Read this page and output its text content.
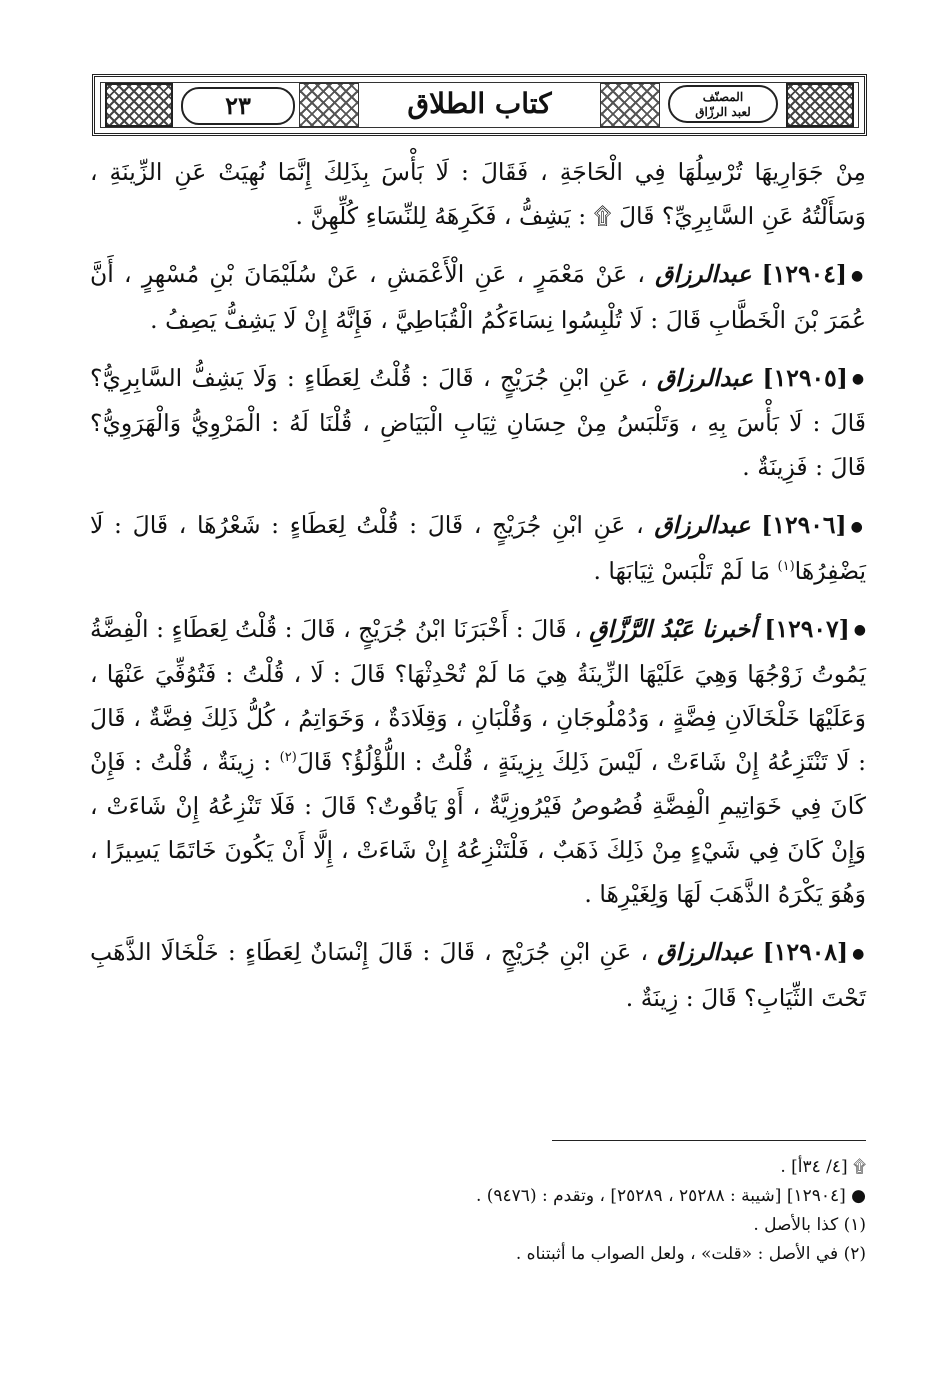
٢٣	كتاب الطلاق	المصنّف
لعبد الرزّاق

مِنْ جَوَارِيهَا تُرْسِلُهَا فِي الْحَاجَةِ ، فَقَالَ : لَا بَأْسَ بِذَلِكَ إِنَّمَا نُهِيَتْ عَنِ الزِّينَةِ ، وَسَأَلْتُهُ عَنِ السَّابِرِيِّ؟ قَالَ ۩ : يَشِفُّ ، فَكَرِهَهُ لِلنِّسَاءِ كُلِّهِنَّ .

●[١٢٩٠٤] عبدالرزاق ، عَنْ مَعْمَرٍ ، عَنِ الْأَعْمَشِ ، عَنْ سُلَيْمَانَ بْنِ مُسْهِرٍ ، أَنَّ عُمَرَ بْنَ الْخَطَّابِ قَالَ : لَا تُلْبِسُوا نِسَاءَكُمُ الْقُبَاطِيَّ ، فَإِنَّهُ إِنْ لَا يَشِفُّ يَصِفُ .

●[١٢٩٠٥] عبدالرزاق ، عَنِ ابْنِ جُرَيْجٍ ، قَالَ : قُلْتُ لِعَطَاءٍ : وَلَا يَشِفُّ السَّابِرِيُّ؟ قَالَ : لَا بَأْسَ بِهِ ، وَتَلْبَسُ مِنْ حِسَانِ ثِيَابِ الْبَيَاضِ ، قُلْنَا لَهُ : الْمَرْوِيُّ وَالْهَرَوِيُّ؟ قَالَ : فَزِينَةٌ .

●[١٢٩٠٦] عبدالرزاق ، عَنِ ابْنِ جُرَيْجٍ ، قَالَ : قُلْتُ لِعَطَاءٍ : شَعْرُهَا ، قَالَ : لَا يَضْفِرُهَا$^{(١)}$ مَا لَمْ تَلْبَسْ ثِيَابَهَا .

●[١٢٩٠٧] أخبرنا عَبْدُ الرَّزَّاقِ ، قَالَ : أَخْبَرَنَا ابْنُ جُرَيْجٍ ، قَالَ : قُلْتُ لِعَطَاءٍ : الْفِضَّةُ يَمُوتُ زَوْجُهَا وَهِيَ عَلَيْهَا الزِّينَةُ هِيَ مَا لَمْ تُحْدِثْهَا؟ قَالَ : لَا ، قُلْتُ : فَتُوُفِّيَ عَنْهَا ، وَعَلَيْهَا خَلْخَالَانِ فِضَّةٍ ، وَدُمْلُوجَانِ ، وَقُلْبَانِ ، وَقِلَادَةٌ ، وَخَوَاتِمُ ، كُلُّ ذَلِكَ فِضَّةٌ ، قَالَ : لَا تَنْتَزِعُهُ إِنْ شَاءَتْ ، لَيْسَ ذَلِكَ بِزِينَةٍ ، قُلْتُ : اللُّؤْلُؤُ؟ قَالَ$^{(٢)}$ : زِينَةٌ ، قُلْتُ : فَإِنْ كَانَ فِي خَوَاتِيمِ الْفِضَّةِ فُصُوصُ فَيْرُوزِيَّةٌ ، أَوْ يَاقُوتٌ؟ قَالَ : فَلَا تَنْزِعُهُ إِنْ شَاءَتْ ، وَإِنْ كَانَ فِي شَيْءٍ مِنْ ذَلِكَ ذَهَبٌ ، فَلْتَنْزِعُهُ إِنْ شَاءَتْ ، إِلَّا أَنْ يَكُونَ خَاتَمًا يَسِيرًا ، وَهُوَ يَكْرَهُ الذَّهَبَ لَهَا وَلِغَيْرِهَا .

●[١٢٩٠٨] عبدالرزاق ، عَنِ ابْنِ جُرَيْجٍ ، قَالَ : قَالَ إِنْسَانٌ لِعَطَاءٍ : خَلْخَالَا الذَّهَبِ تَحْتَ الثِّيَابِ؟ قَالَ : زِينَةٌ .

۩ [٤/ ٣٤أ] .
● [١٢٩٠٤] [شيبة : ٢٥٢٨٨ ، ٢٥٢٨٩] ، وتقدم : (٩٤٧٦) .
(١) كذا بالأصل .
(٢) في الأصل : «قلت» ، ولعل الصواب ما أثبتناه .
